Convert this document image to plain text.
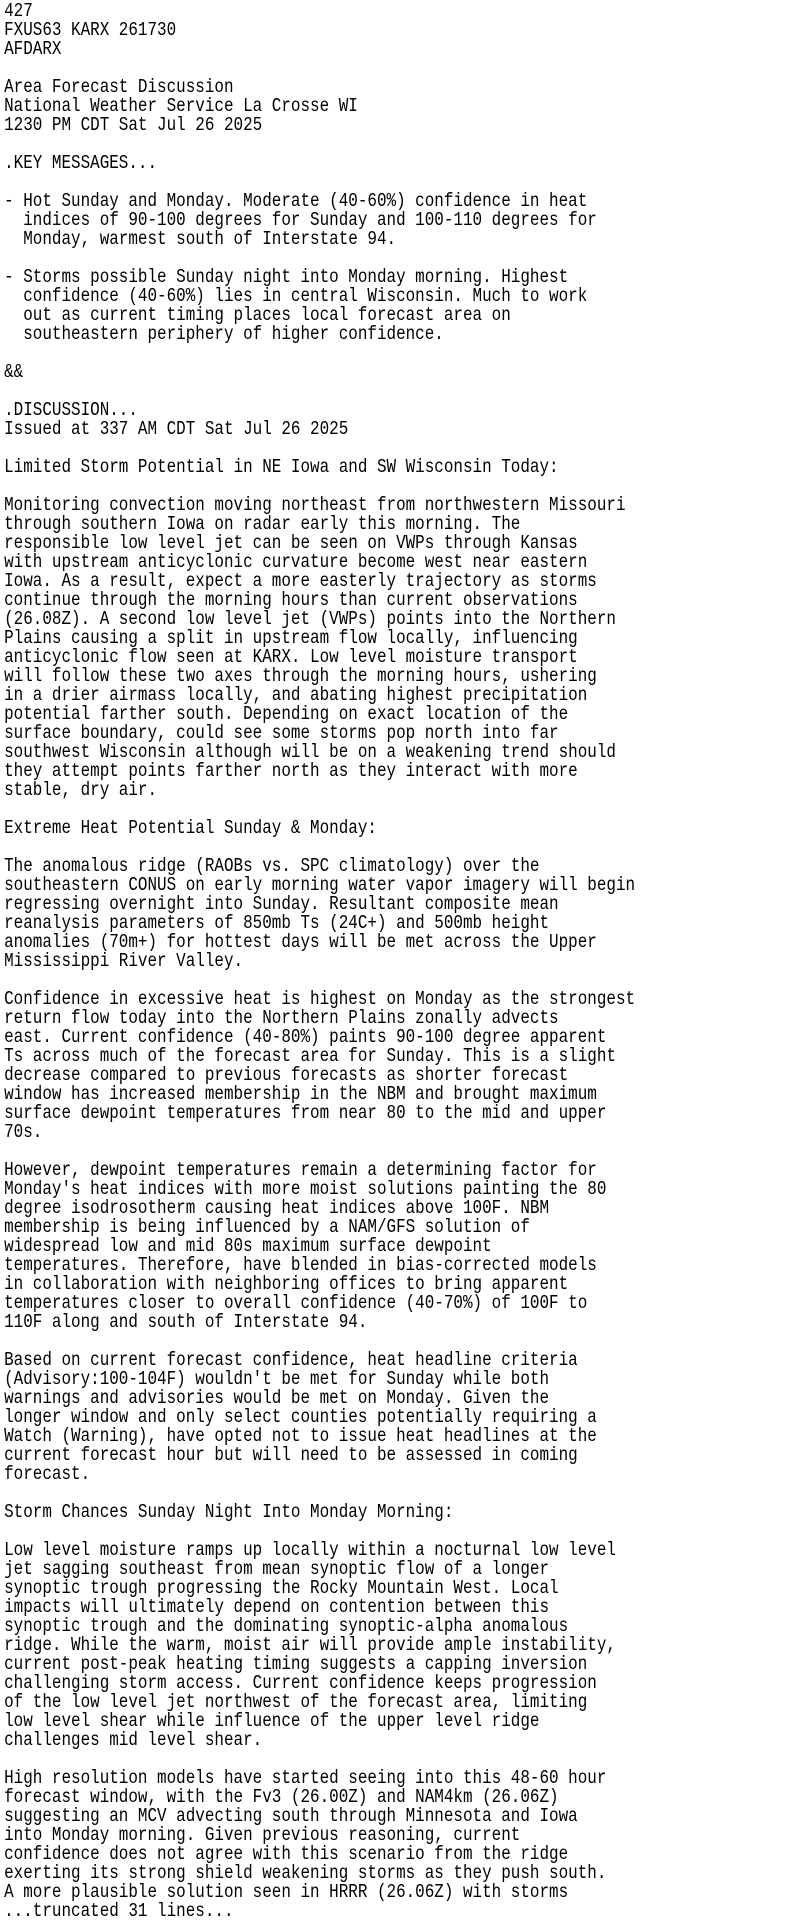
427
FXUS63 KARX 261730
AFDARX

Area Forecast Discussion
National Weather Service La Crosse WI
1230 PM CDT Sat Jul 26 2025

.KEY MESSAGES...

- Hot Sunday and Monday. Moderate (40-60%) confidence in heat
indices of 90-100 degrees for Sunday and 100-110 degrees for
Monday, warmest south of Interstate 94.

- Storms possible Sunday night into Monday morning. Highest
confidence (40-60%) lies in central Wisconsin. Much to work
out as current timing places local forecast area on
southeastern periphery of higher confidence.

&&

.DISCUSSION...
Issued at 337 AM CDT Sat Jul 26 2025

Limited Storm Potential in NE Iowa and SW Wisconsin Today:

Monitoring convection moving northeast from northwestern Missouri
through southern Iowa on radar early this morning. The
responsible low level jet can be seen on VWPs through Kansas
with upstream anticyclonic curvature become west near eastern
Iowa. As a result, expect a more easterly trajectory as storms
continue through the morning hours than current observations
(26.08Z). A second low level jet (VWPs) points into the Northern
Plains causing a split in upstream flow locally, influencing
anticyclonic flow seen at KARX. Low level moisture transport
will follow these two axes through the morning hours, ushering
in a drier airmass locally, and abating highest precipitation
potential farther south. Depending on exact location of the
surface boundary, could see some storms pop north into far
southwest Wisconsin although will be on a weakening trend should
they attempt points farther north as they interact with more
stable, dry air.

Extreme Heat Potential Sunday & Monday:

The anomalous ridge (RAOBs vs. SPC climatology) over the
southeastern CONUS on early morning water vapor imagery will begin
regressing overnight into Sunday. Resultant composite mean
reanalysis parameters of 850mb Ts (24C+) and 500mb height
anomalies (70m+) for hottest days will be met across the Upper
Mississippi River Valley.

Confidence in excessive heat is highest on Monday as the strongest
return flow today into the Northern Plains zonally advects
east. Current confidence (40-80%) paints 90-100 degree apparent
Ts across much of the forecast area for Sunday. This is a slight
decrease compared to previous forecasts as shorter forecast
window has increased membership in the NBM and brought maximum
surface dewpoint temperatures from near 80 to the mid and upper
70s.

However, dewpoint temperatures remain a determining factor for
Monday's heat indices with more moist solutions painting the 80
degree isodrosotherm causing heat indices above 100F. NBM
membership is being influenced by a NAM/GFS solution of
widespread low and mid 80s maximum surface dewpoint
temperatures. Therefore, have blended in bias-corrected models
in collaboration with neighboring offices to bring apparent
temperatures closer to overall confidence (40-70%) of 100F to
110F along and south of Interstate 94.

Based on current forecast confidence, heat headline criteria
(Advisory:100-104F) wouldn't be met for Sunday while both
warnings and advisories would be met on Monday. Given the
longer window and only select counties potentially requiring a
Watch (Warning), have opted not to issue heat headlines at the
current forecast hour but will need to be assessed in coming
forecast.

Storm Chances Sunday Night Into Monday Morning:

Low level moisture ramps up locally within a nocturnal low level
jet sagging southeast from mean synoptic flow of a longer
synoptic trough progressing the Rocky Mountain West. Local
impacts will ultimately depend on contention between this
synoptic trough and the dominating synoptic-alpha anomalous
ridge. While the warm, moist air will provide ample instability,
current post-peak heating timing suggests a capping inversion
challenging storm access. Current confidence keeps progression
of the low level jet northwest of the forecast area, limiting
low level shear while influence of the upper level ridge
challenges mid level shear.

High resolution models have started seeing into this 48-60 hour
forecast window, with the Fv3 (26.00Z) and NAM4km (26.06Z)
suggesting an MCV advecting south through Minnesota and Iowa
into Monday morning. Given previous reasoning, current
confidence does not agree with this scenario from the ridge
exerting its strong shield weakening storms as they push south.
A more plausible solution seen in HRRR (26.06Z) with storms
...truncated 31 lines...
